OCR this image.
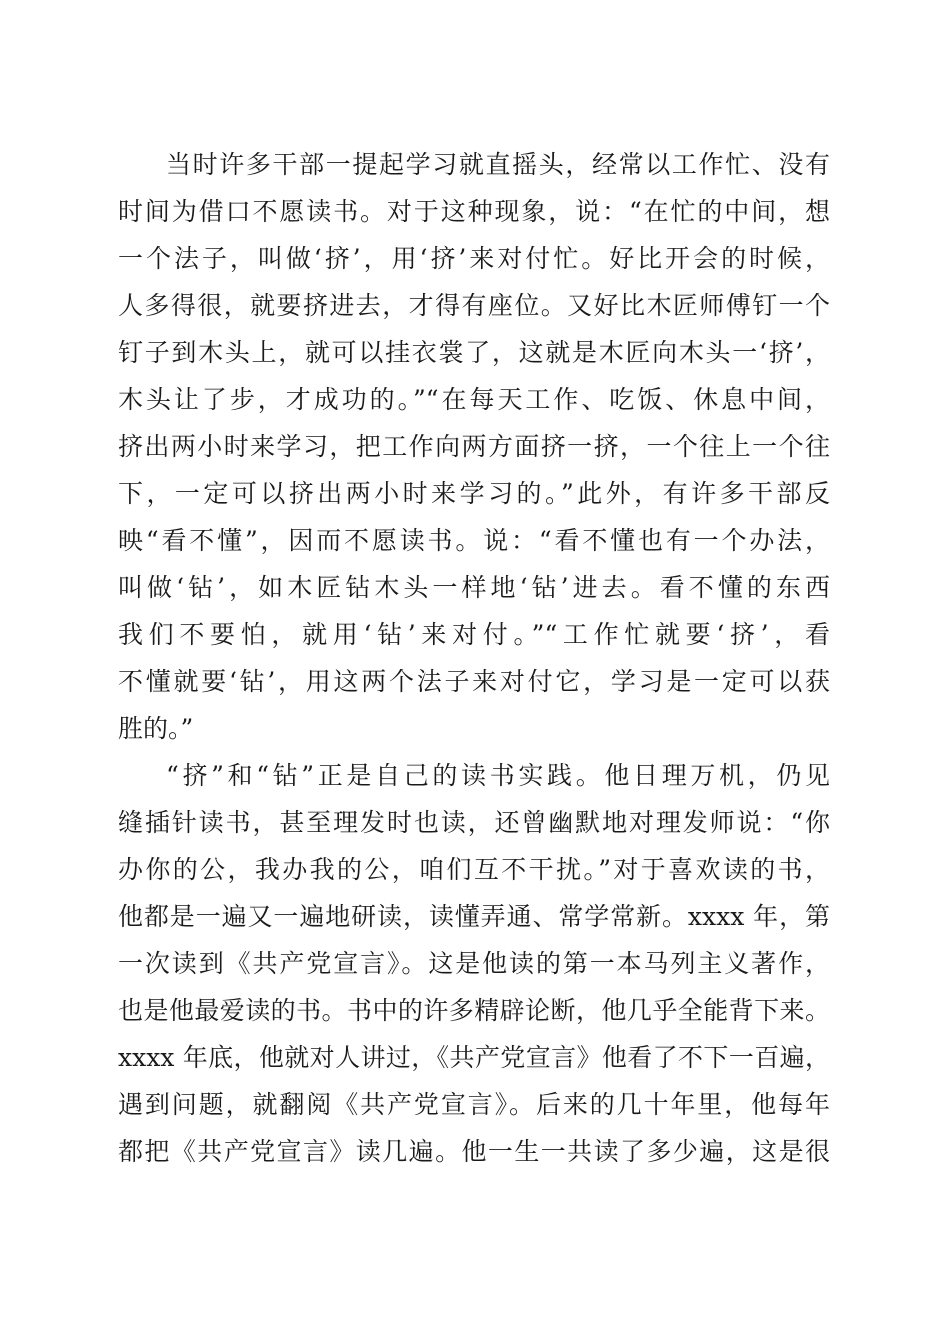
当时许多干部一提起学习就直摇头，经常以工作忙、没有
时间为借口不愿读书。对于这种现象，说：“在忙的中间，想
一个法子，叫做‘挤’，用‘挤’来对付忙。好比开会的时候，
人多得很，就要挤进去，才得有座位。又好比木匠师傅钉一个
钉子到木头上，就可以挂衣裳了，这就是木匠向木头一‘挤’，
木头让了步，才成功的。”“在每天工作、吃饭、休息中间，
挤出两小时来学习，把工作向两方面挤一挤，一个往上一个往
下，一定可以挤出两小时来学习的。”此外，有许多干部反
映“看不懂”，因而不愿读书。说：“看不懂也有一个办法，
叫做‘钻’，如木匠钻木头一样地‘钻’进去。看不懂的东西
我们不要怕，就用‘钻’来对付。”“工作忙就要‘挤’，看
不懂就要‘钻’，用这两个法子来对付它，学习是一定可以获
胜的。”
“挤”和“钻”正是自己的读书实践。他日理万机，仍见
缝插针读书，甚至理发时也读，还曾幽默地对理发师说：“你
办你的公，我办我的公，咱们互不干扰。”对于喜欢读的书，
他都是一遍又一遍地研读，读懂弄通、常学常新。xxxx 年，第
一次读到《共产党宣言》。这是他读的第一本马列主义著作，
也是他最爱读的书。书中的许多精辟论断，他几乎全能背下来。
xxxx 年底，他就对人讲过，《共产党宣言》他看了不下一百遍，
遇到问题，就翻阅《共产党宣言》。后来的几十年里，他每年
都把《共产党宣言》读几遍。他一生一共读了多少遍，这是很
